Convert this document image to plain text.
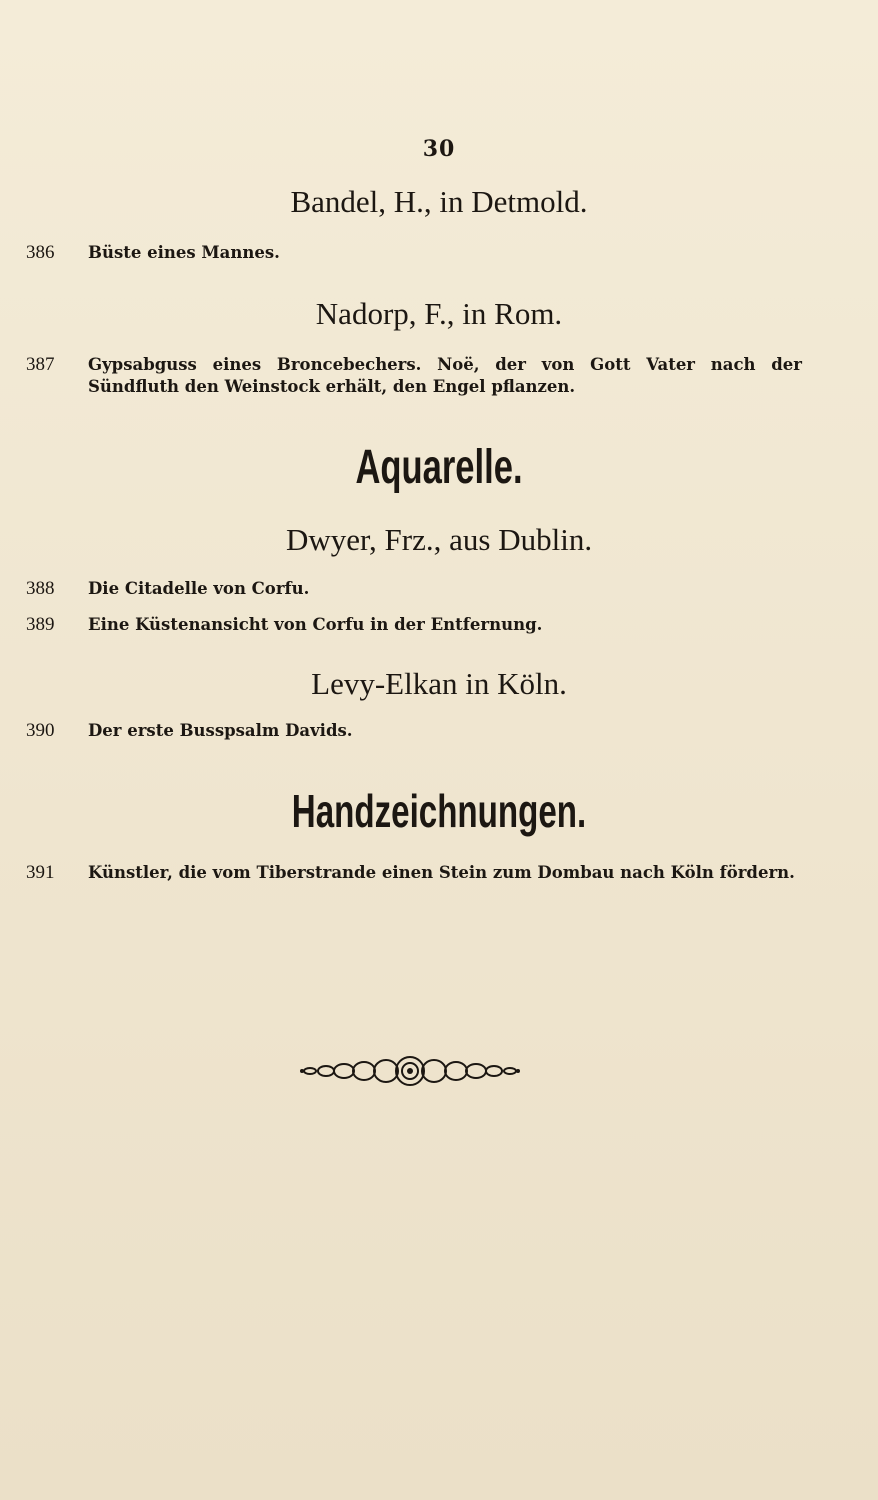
30
Bandel, H., in Detmold.
386	Büste eines Mannes.
Nadorp, F., in Rom.
387	Gypsabguss eines Broncebechers. Noë, der von Gott Vater nach der Sündfluth den Weinstock erhält, den Engel pflanzen.
Aquarelle.
Dwyer, Frz., aus Dublin.
388	Die Citadelle von Corfu.
389	Eine Küstenansicht von Corfu in der Entfernung.
Levy-Elkan in Köln.
390	Der erste Busspsalm Davids.
Handzeichnungen.
391	Künstler, die vom Tiberstrande einen Stein zum Dombau nach Köln fördern.
